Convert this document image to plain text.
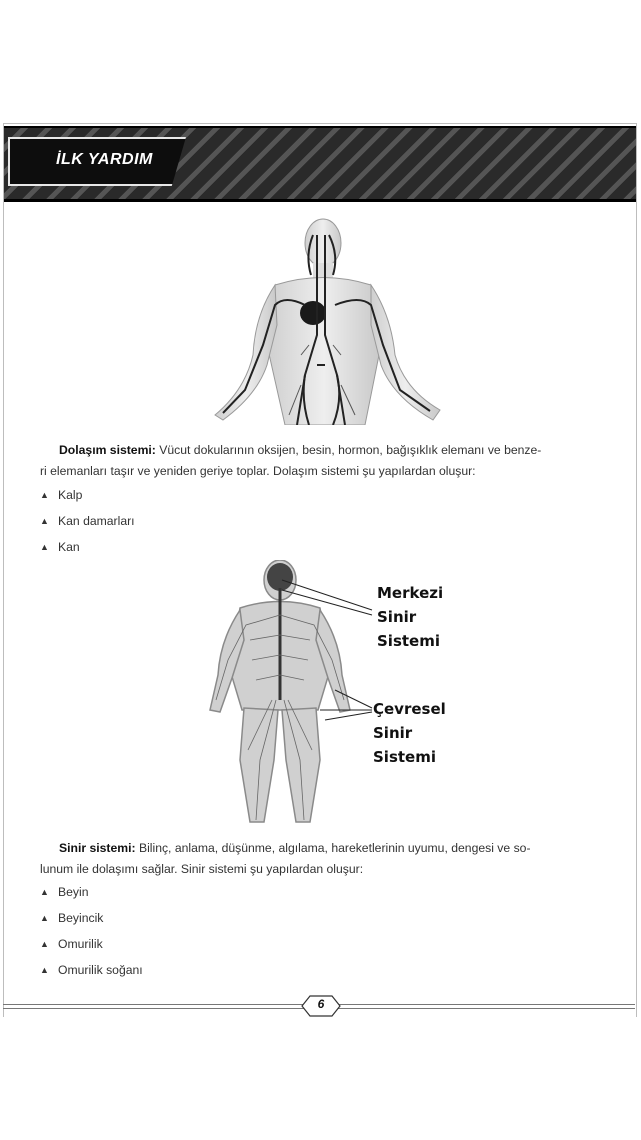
İLK YARDIM
Dolaşım sistemi: Vücut dokularının oksijen, besin, hormon, bağışıklık elemanı ve benze-
ri elemanları taşır ve yeniden geriye toplar. Dolaşım sistemi şu yapılardan oluşur:
▲ Kalp
▲ Kan damarları
▲ Kan
Merkezi
Sinir
Sistemi
Çevresel
Sinir
Sistemi
Sinir sistemi: Bilinç, anlama, düşünme, algılama, hareketlerinin uyumu, dengesi ve so-
lunum ile dolaşımı sağlar. Sinir sistemi şu yapılardan oluşur:
▲ Beyin
▲ Beyincik
▲ Omurilik
▲ Omurilik soğanı
6
